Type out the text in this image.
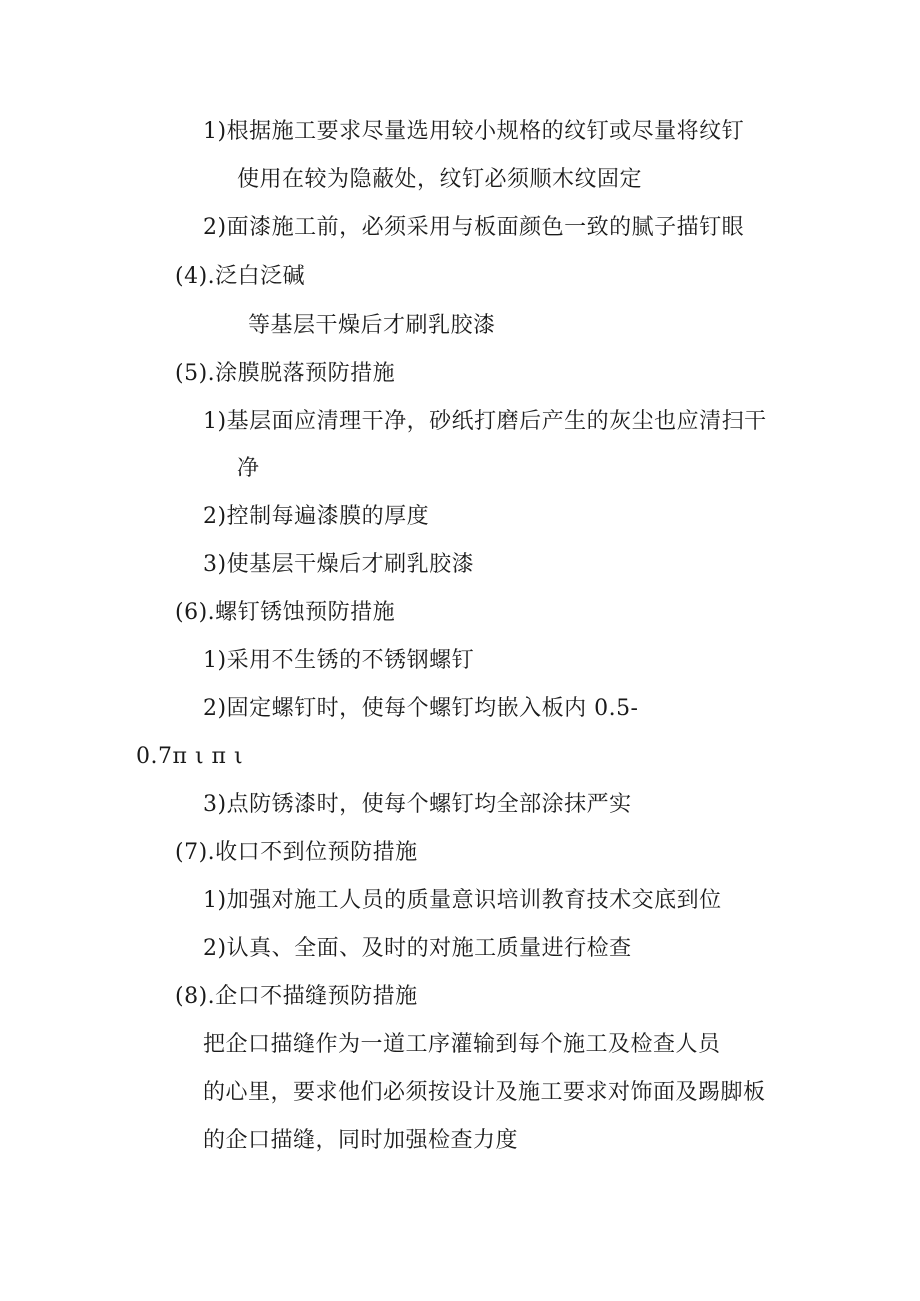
1)根据施工要求尽量选用较小规格的纹钉或尽量将纹钉
使用在较为隐蔽处，纹钉必须顺木纹固定
2)面漆施工前，必须采用与板面颜色一致的腻子描钉眼
(4).泛白泛碱
等基层干燥后才刷乳胶漆
(5).涂膜脱落预防措施
1)基层面应清理干净，砂纸打磨后产生的灰尘也应清扫干
净
2)控制每遍漆膜的厚度
3)使基层干燥后才刷乳胶漆
(6).螺钉锈蚀预防措施
1)采用不生锈的不锈钢螺钉
2)固定螺钉时，使每个螺钉均嵌入板内 0.5-
0.7π ι π ι
3)点防锈漆时，使每个螺钉均全部涂抹严实
(7).收口不到位预防措施
1)加强对施工人员的质量意识培训教育技术交底到位
2)认真、全面、及时的对施工质量进行检查
(8).企口不描缝预防措施
把企口描缝作为一道工序灌输到每个施工及检查人员
的心里，要求他们必须按设计及施工要求对饰面及踢脚板
的企口描缝，同时加强检查力度
